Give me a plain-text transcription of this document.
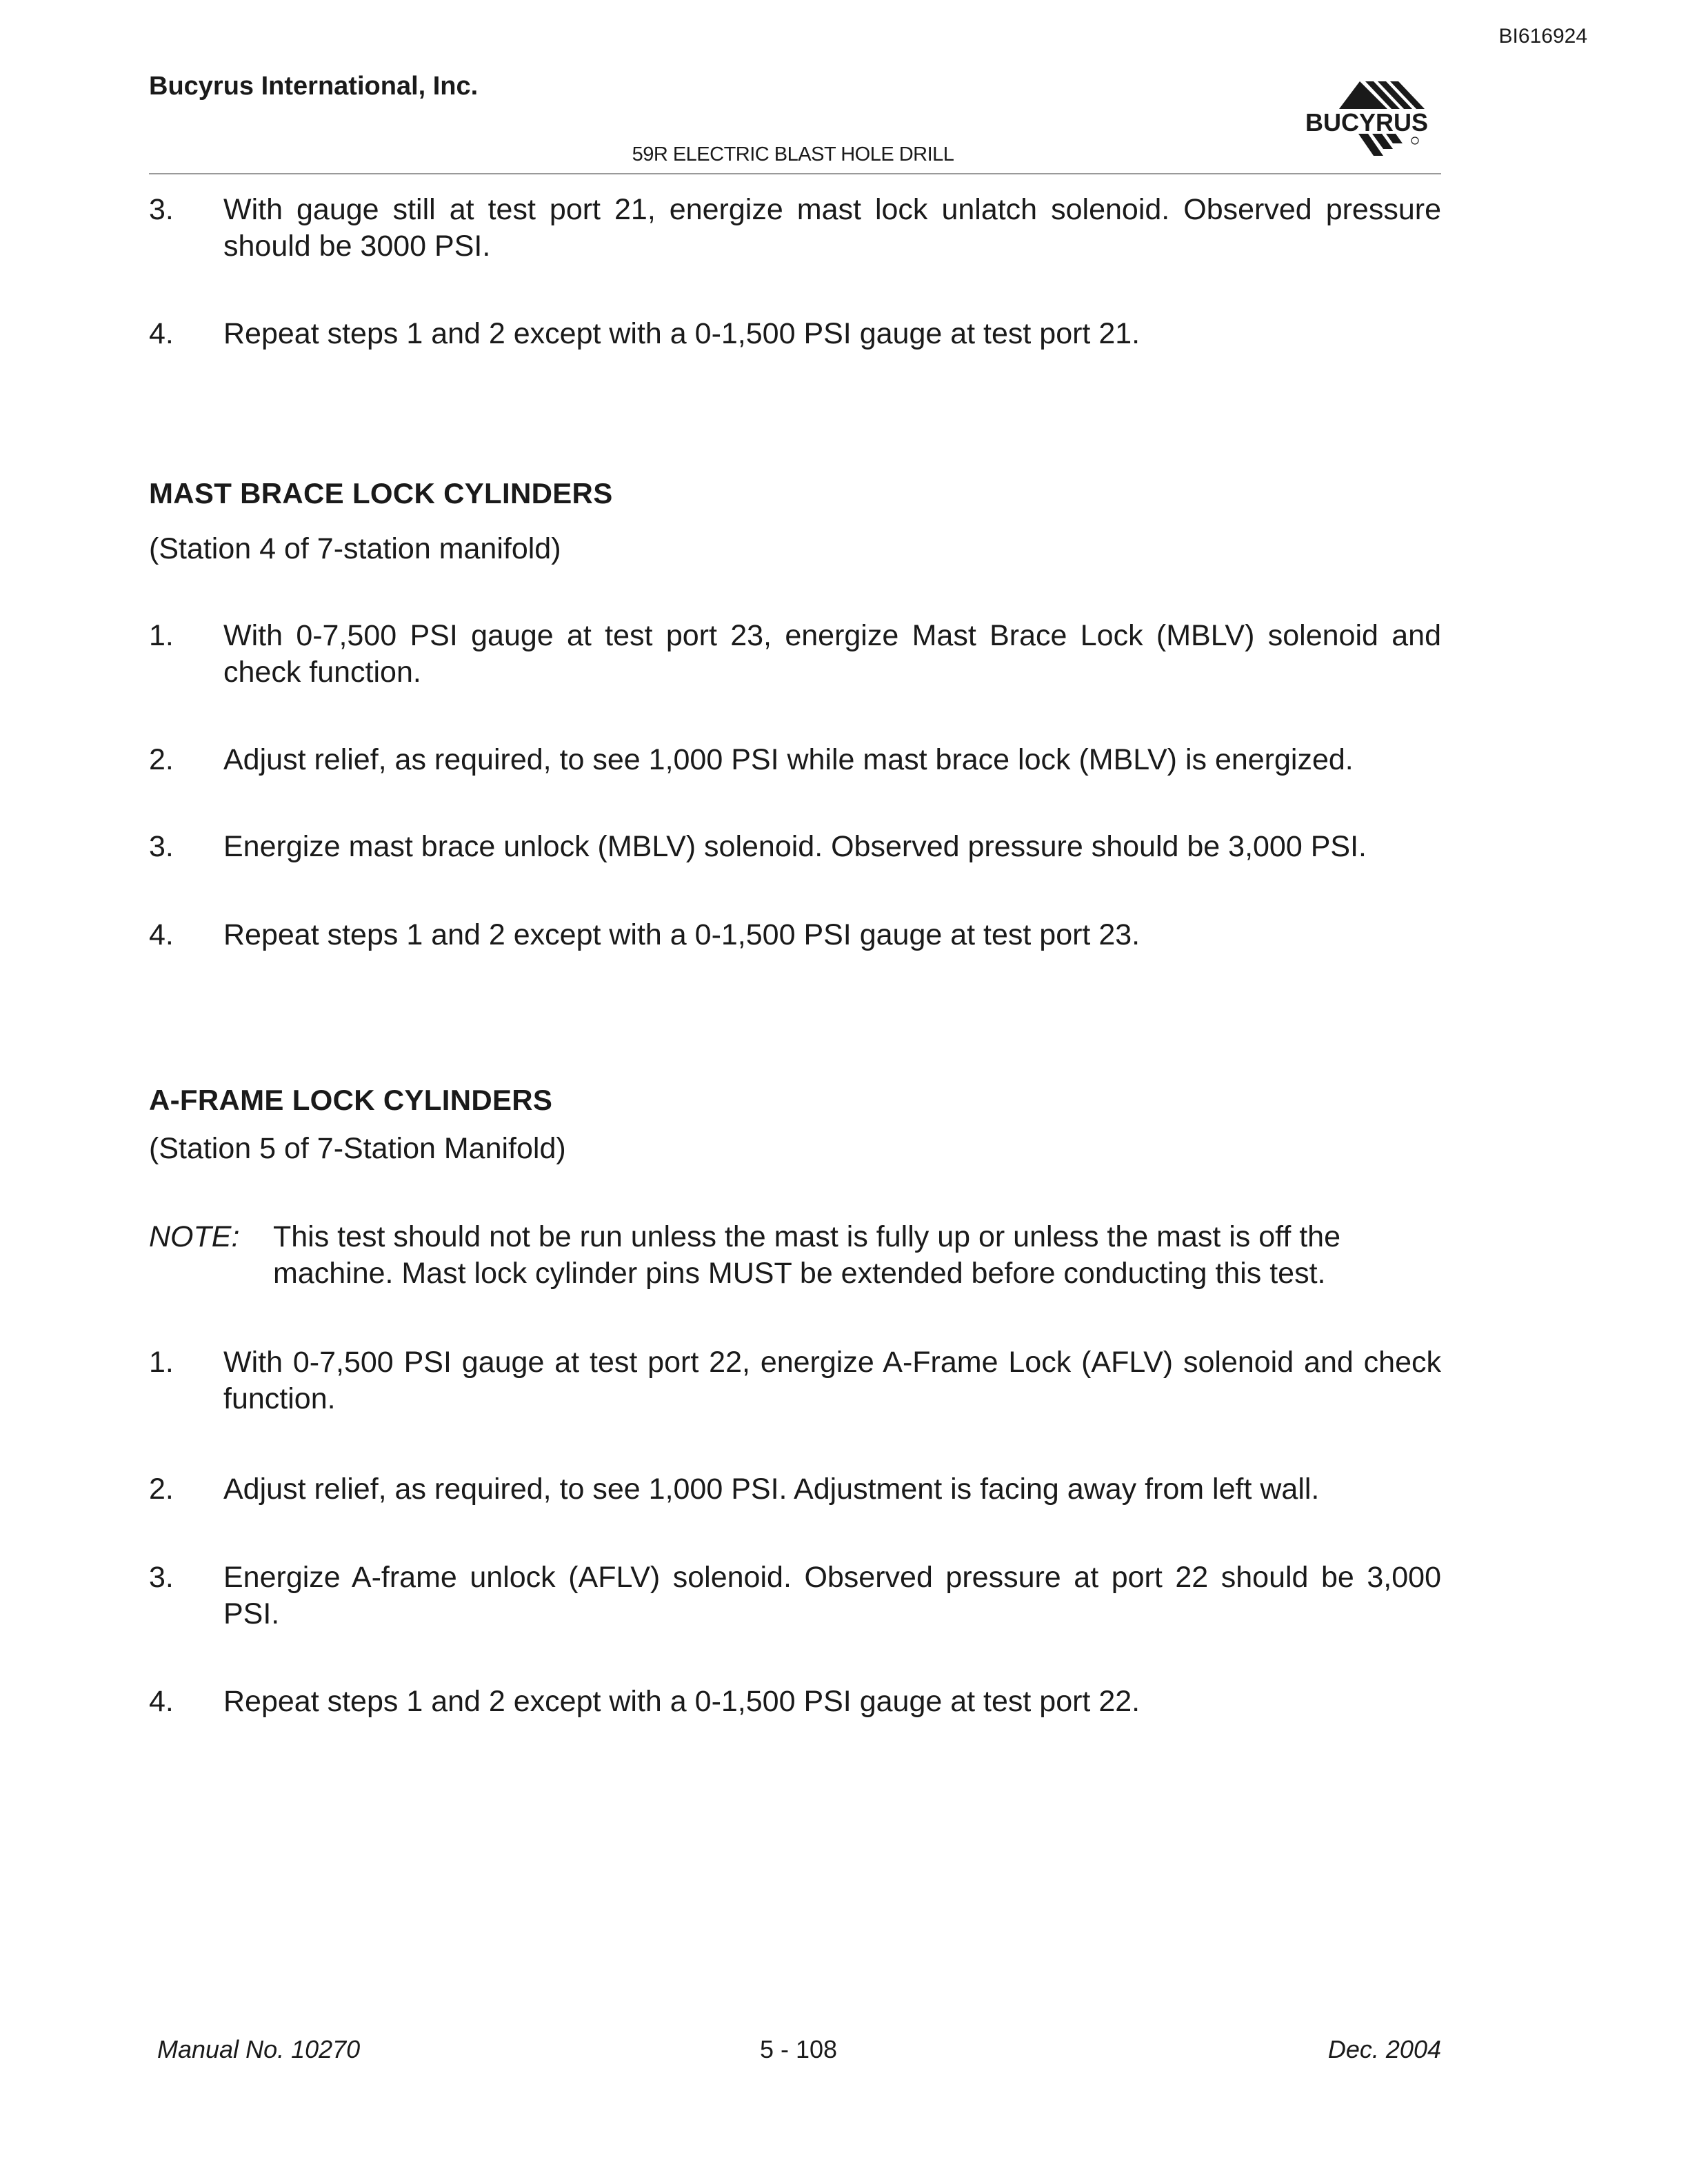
BI616924
Bucyrus International, Inc.
59R ELECTRIC BLAST HOLE DRILL
BUCYRUS
3. With gauge still at test port 21, energize mast lock unlatch solenoid. Observed pressure should be 3000 PSI.
4. Repeat steps 1 and 2 except with a 0-1,500 PSI gauge at test port 21.
MAST BRACE LOCK CYLINDERS
(Station 4 of 7-station manifold)
1. With 0-7,500 PSI gauge at test port 23, energize Mast Brace Lock (MBLV) solenoid and check function.
2. Adjust relief, as required, to see 1,000 PSI while mast brace lock (MBLV) is energized.
3. Energize mast brace unlock (MBLV) solenoid. Observed pressure should be 3,000 PSI.
4. Repeat steps 1 and 2 except with a 0-1,500 PSI gauge at test port 23.
A-FRAME LOCK CYLINDERS
(Station 5 of 7-Station Manifold)
NOTE: This test should not be run unless the mast is fully up or unless the mast is off the machine. Mast lock cylinder pins MUST be extended before conducting this test.
1. With 0-7,500 PSI gauge at test port 22, energize A-Frame Lock (AFLV) solenoid and check function.
2. Adjust relief, as required, to see 1,000 PSI. Adjustment is facing away from left wall.
3. Energize A-frame unlock (AFLV) solenoid. Observed pressure at port 22 should be 3,000 PSI.
4. Repeat steps 1 and 2 except with a 0-1,500 PSI gauge at test port 22.
Manual No. 10270	5 - 108	Dec. 2004
